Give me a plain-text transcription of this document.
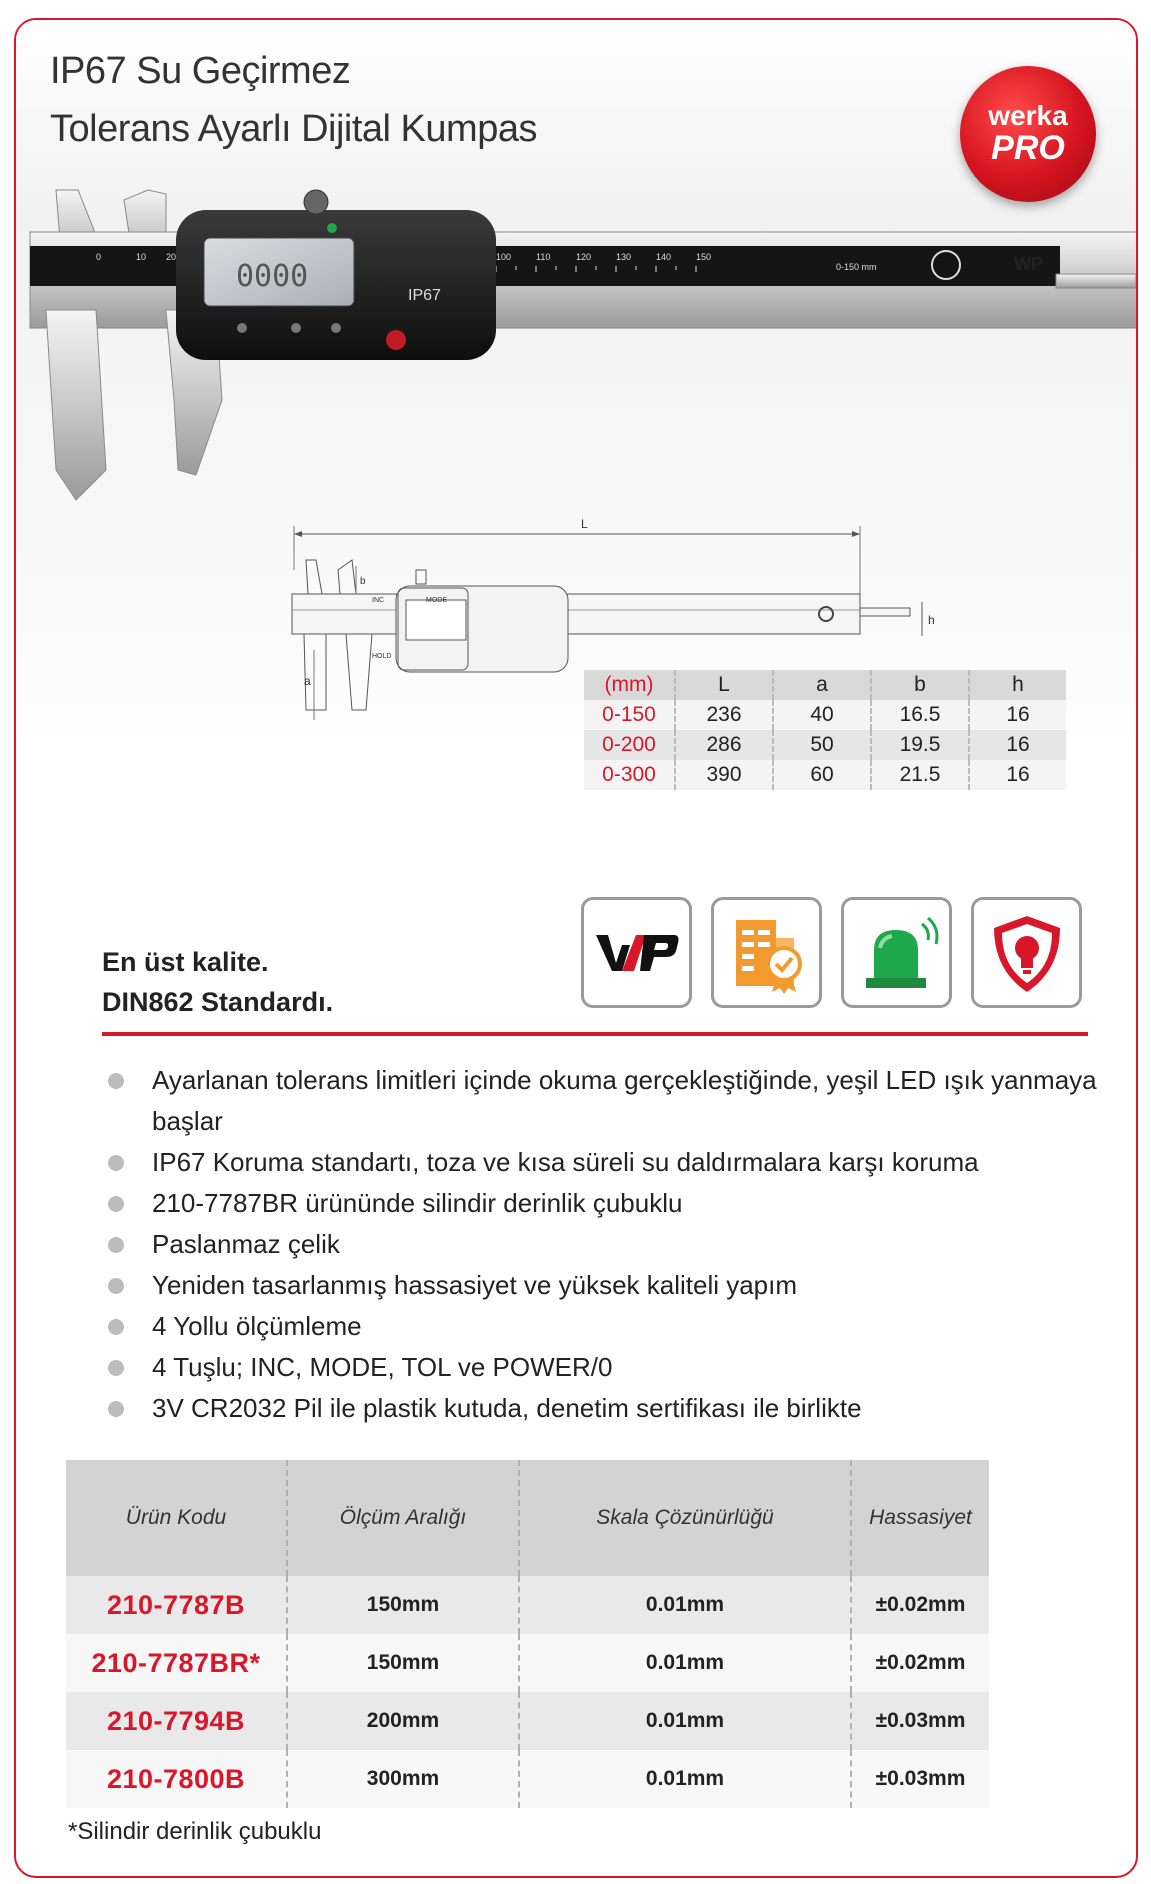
IP67 Su Geçirmez
Tolerans Ayarlı Dijital Kumpas	werka
PRO
0	10 20	100	110	120	130	140	150
0-150 mm	WP
0000
IP67
L
INC	MODE
HOLD
a
b
h
(mm)	L	a	b	h
0-150	236	40	16.5	16
0-200	286	50	19.5	16
0-300	390	60	21.5	16
En üst kalite.
DIN862 Standardı.
Ayarlanan tolerans limitleri içinde okuma gerçekleştiğinde, yeşil LED ışık yanmaya başlar
IP67 Koruma standartı, toza ve kısa süreli su daldırmalara karşı koruma
210-7787BR ürününde silindir derinlik çubuklu
Paslanmaz çelik
Yeniden tasarlanmış hassasiyet ve yüksek kaliteli yapım
4 Yollu ölçümleme
4 Tuşlu; INC, MODE, TOL ve POWER/0
3V CR2032 Pil ile plastik kutuda, denetim sertifikası ile birlikte
Ürün Kodu	Ölçüm Aralığı	Skala Çözünürlüğü	Hassasiyet
210-7787B	150mm	0.01mm	±0.02mm
210-7787BR*	150mm	0.01mm	±0.02mm
210-7794B	200mm	0.01mm	±0.03mm
210-7800B	300mm	0.01mm	±0.03mm
*Silindir derinlik çubuklu
